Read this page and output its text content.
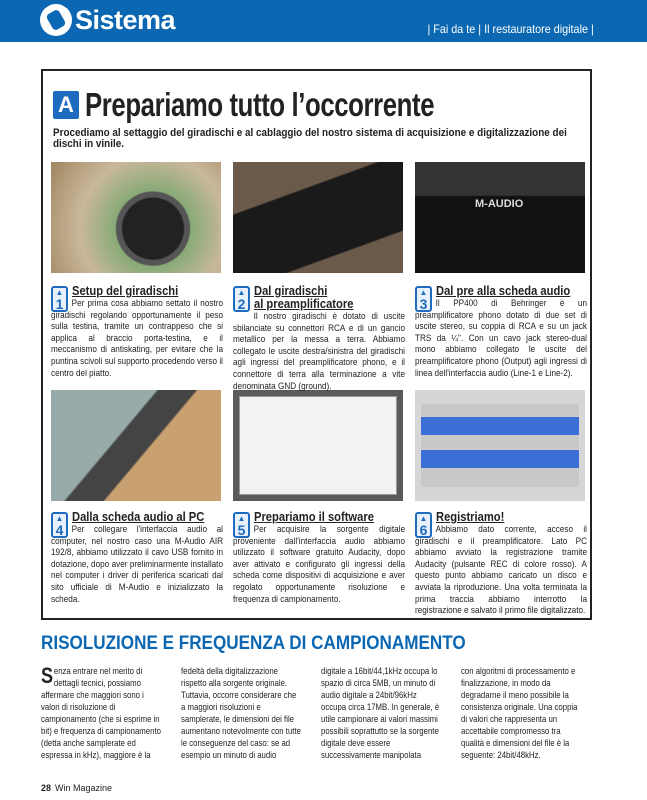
Sistema	| Fai da te | Il restauratore digitale |
A Prepariamo tutto l’occorrente
Procediamo al settaggio del giradischi e al cablaggio del nostro sistema di acquisizione e digitalizzazione dei dischi in vinile.
M-AUDIO
▲
1
Setup del giradischi

Per prima cosa abbiamo settato il nostro giradischi regolando opportunamente il peso sulla testina, tramite un contrappeso che si applica al braccio porta-testina, e il meccanismo di antiskating, per evitare che la puntina scivoli sul supporto procedendo verso il centro del piatto.

▲
2
Dal giradischi
al preamplificatore

Il nostro giradischi è dotato di uscite sbilanciate su connettori RCA e di un gancio metallico per la messa a terra. Abbiamo collegato le uscite destra/sinistra del giradischi agli ingressi del preamplificatore phono, e il connettore di terra alla terminazione a vite denominata GND (ground).

▲
3
Dal pre alla scheda audio

Il PP400 di Behringer è un preamplificatore phono dotato di due set di uscite stereo, su coppia di RCA e su un jack TRS da ¼". Con un cavo jack stereo-dual mono abbiamo collegato le uscite del preamplificatore phono (Output) agli ingressi di linea dell'interfaccia audio (Line-1 e Line-2).

▲
4
Dalla scheda audio al PC

Per collegare l'interfaccia audio al computer, nel nostro caso una M-Audio AIR 192/8, abbiamo utilizzato il cavo USB fornito in dotazione, dopo aver preliminarmente installato nel computer i driver di periferica scaricati dal sito ufficiale di M-Audio e inizializzato la scheda.

▲
5
Prepariamo il software

Per acquisire la sorgente digitale proveniente dall'interfaccia audio abbiamo utilizzato il software gratuito Audacity, dopo aver attivato e configurato gli ingressi della scheda come dispositivi di acquisizione e aver regolato opportunamente risoluzione e frequenza di campionamento.

▲
6
Registriamo!

Abbiamo dato corrente, acceso il giradischi e il preamplificatore. Lato PC abbiamo avviato la registrazione tramite Audacity (pulsante REC di colore rosso). A questo punto abbiamo caricato un disco e avviata la riproduzione. Una volta terminata la prima traccia abbiamo interrotto la registrazione e salvato il primo file digitalizzato.

RISOLUZIONE E FREQUENZA DI CAMPIONAMENTO
Senza entrare nel merito di dettagli tecnici, possiamo affermare che maggiori sono i valori di risoluzione di campionamento (che si esprime in bit) e frequenza di campionamento (detta anche samplerate ed espressa in kHz), maggiore è la
fedeltà della digitalizzazione rispetto alla sorgente originale. Tuttavia, occorre considerare che a maggiori risoluzioni e samplerate, le dimensioni dei file aumentano notevolmente con tutte le conseguenze del caso: se ad esempio un minuto di audio
digitale a 16bit/44,1kHz occupa lo spazio di circa 5MB, un minuto di audio digitale a 24bit/96kHz occupa circa 17MB. In generale, è utile campionare ai valori massimi possibili soprattutto se la sorgente digitale deve essere successivamente manipolata
con algoritmi di processamento e finalizzazione, in modo da degradarne il meno possibile la consistenza originale. Una coppia di valori che rappresenta un accettabile compromesso tra qualità e dimensioni del file è la seguente: 24bit/48kHz.
28 Win Magazine
